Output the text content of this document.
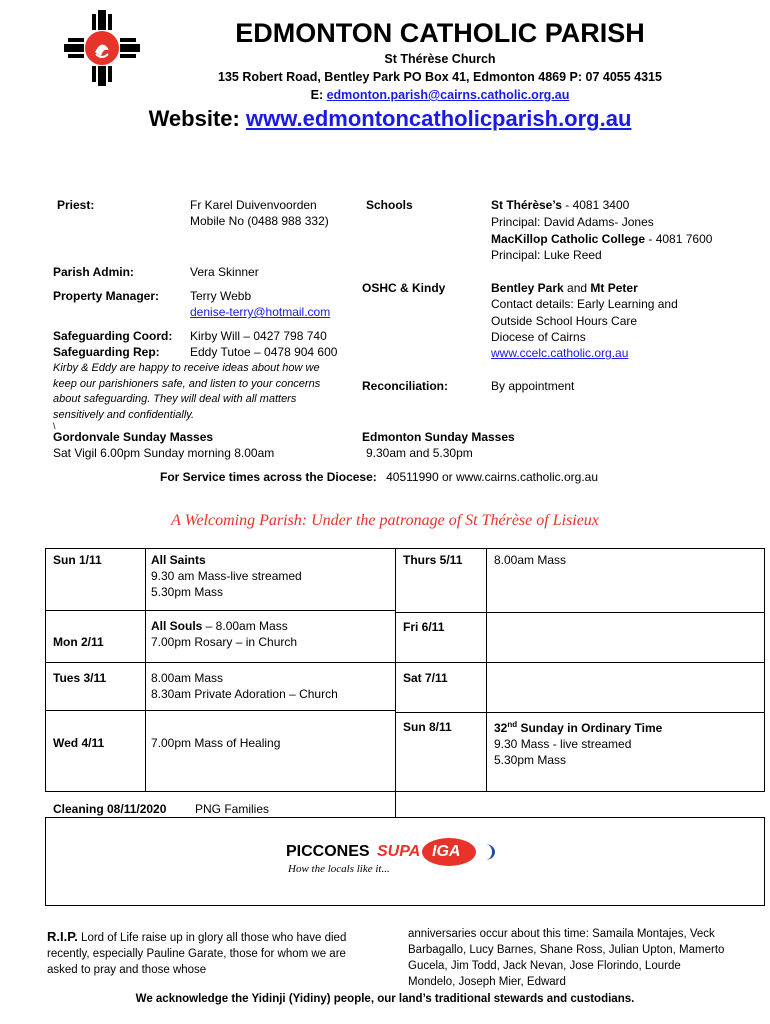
EDMONTON CATHOLIC PARISH
St Thérèse Church
135 Robert Road, Bentley Park PO Box 41, Edmonton 4869 P: 07 4055 4315
E: edmonton.parish@cairns.catholic.org.au
Website: www.edmontoncatholicparish.org.au
Priest:	Fr Karel Duivenvoorden
Mobile No (0488 988 332)
Parish Admin:	Vera Skinner
Property Manager:	Terry Webb
denise-terry@hotmail.com
Safeguarding Coord: Kirby Will – 0427 798 740
Safeguarding Rep:	Eddy Tutoe – 0478 904 600
Kirby & Eddy are happy to receive ideas about how we keep our parishioners safe, and listen to your concerns about safeguarding. They will deal with all matters sensitively and confidentially.
\
Schools	St Thérèse’s - 4081 3400
Principal: David Adams- Jones
MacKillop Catholic College - 4081 7600
Principal: Luke Reed
OSHC & Kindy	Bentley Park and Mt Peter
Contact details: Early Learning and
Outside School Hours Care
Diocese of Cairns
www.ccelc.catholic.org.au
Reconciliation:	By appointment
Gordonvale Sunday Masses
Sat Vigil 6.00pm Sunday morning 8.00am
Edmonton Sunday Masses
9.30am and 5.30pm
For Service times across the Diocese: 40511990 or www.cairns.catholic.org.au
A Welcoming Parish: Under the patronage of St Thérèse of Lisieux
Sun 1/11	All Saints
9.30 am Mass-live streamed
5.30pm Mass
Mon 2/11
All Souls – 8.00am Mass
7.00pm Rosary – in Church
Tues 3/11	8.00am Mass
8.30am Private Adoration – Church
Wed 4/11	7.00pm Mass of Healing
Thurs 5/11	8.00am Mass
Fri 6/11
Sat 7/11
Sun 8/11	32nd Sunday in Ordinary Time
9.30 Mass - live streamed
5.30pm Mass
Cleaning 08/11/2020 PNG Families
PICCONES SUPA IGA
How the locals like it...
R.I.P. Lord of Life raise up in glory all those who have died recently, especially Pauline Garate, those for whom we are asked to pray and those whose
anniversaries occur about this time: Samaila Montajes, Veck Barbagallo, Lucy Barnes, Shane Ross, Julian Upton, Mamerto Gucela, Jim Todd, Jack Nevan, Jose Florindo, Lourde Mondelo, Joseph Mier, Edward
We acknowledge the Yidinji (Yidiny) people, our land’s traditional stewards and custodians.
